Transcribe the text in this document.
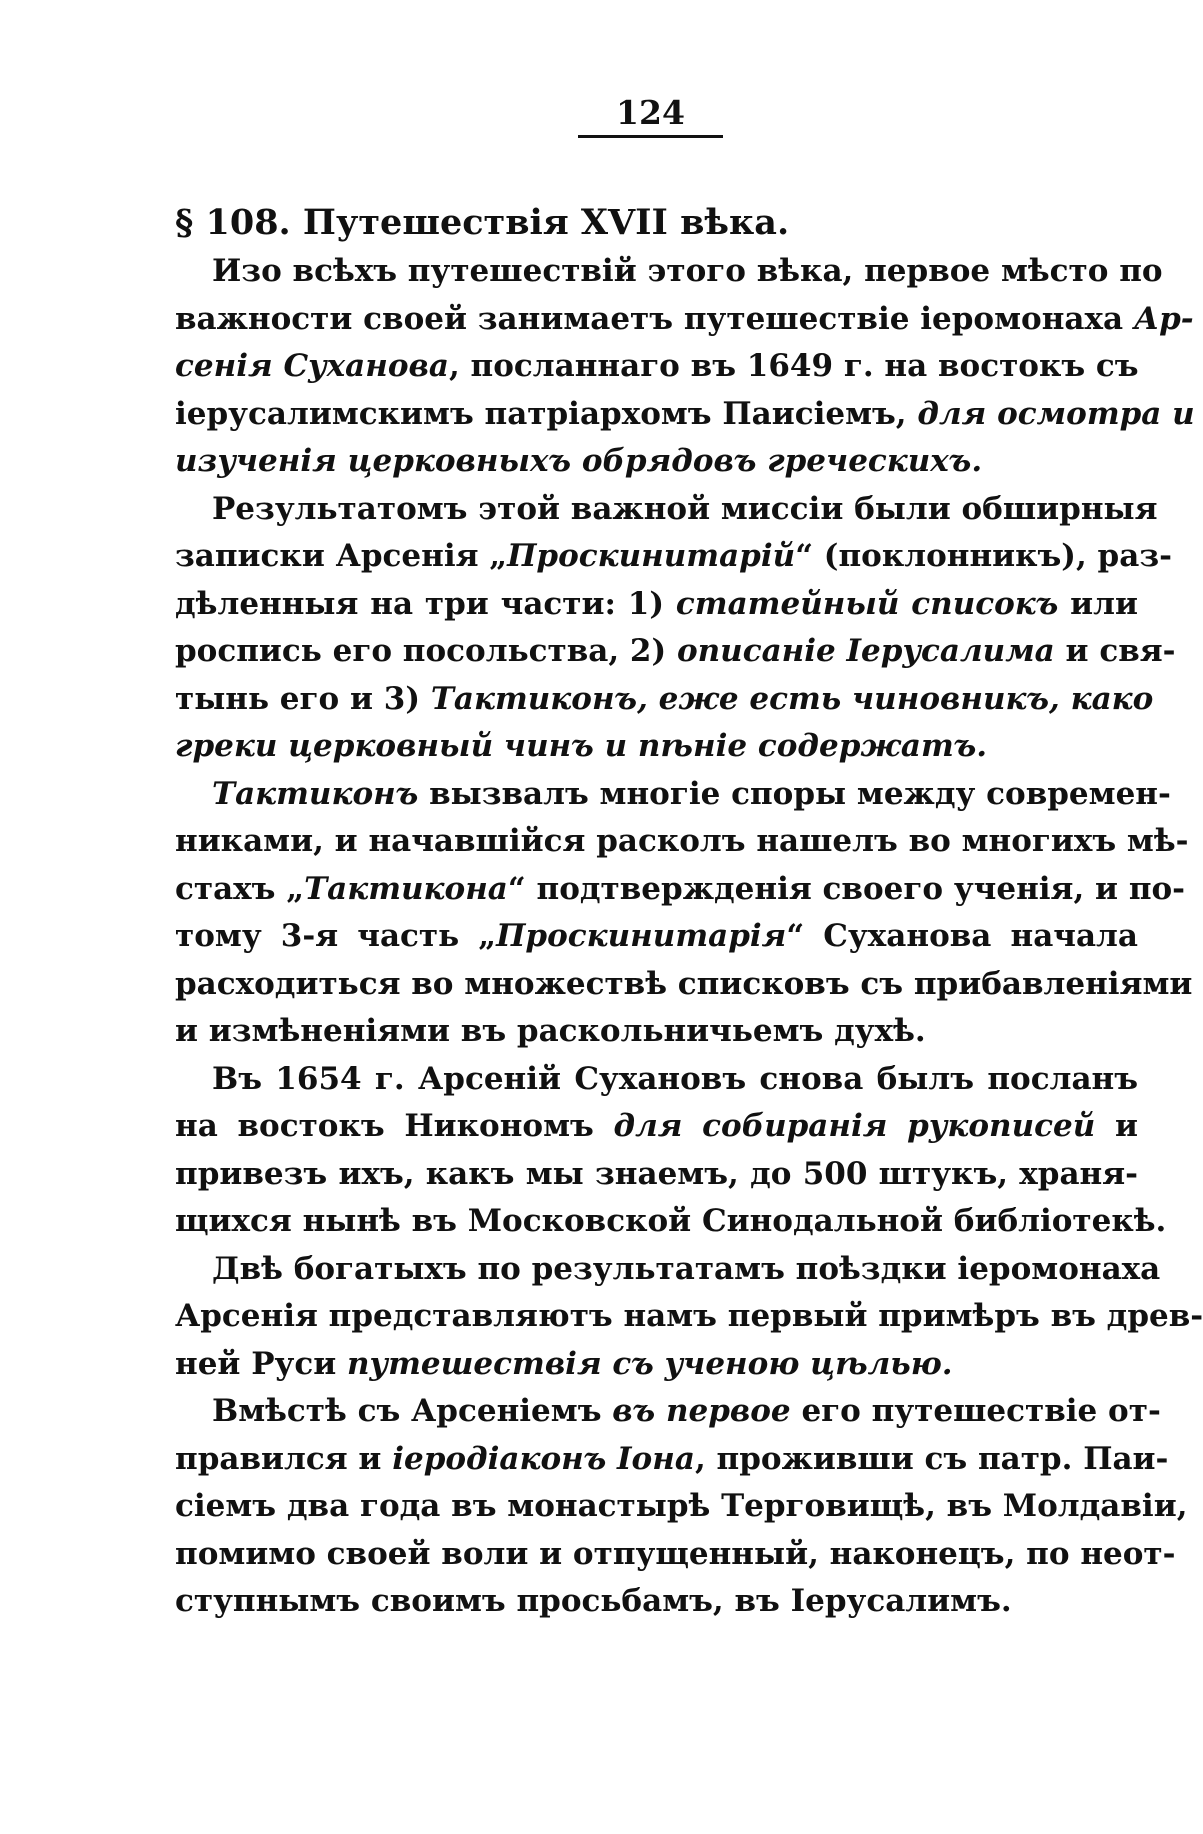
124
§ 108. Путешествія XVII вѣка.
Изо всѣхъ путешествій этого вѣка, первое мѣсто по
важности своей занимаетъ путешествіе іеромонаха Ар-
сенія Суханова, посланнаго въ 1649 г. на востокъ съ
іерусалимскимъ патріархомъ Паисіемъ, для осмотра и
изученія церковныхъ обрядовъ греческихъ.
Результатомъ этой важной миссіи были обширныя
записки Арсенія „Проскинитарій“ (поклонникъ), раз-
дѣленныя на три части: 1) статейный списокъ или
роспись его посольства, 2) описаніе Іерусалима и свя-
тынь его и 3) Тактиконъ, еже есть чиновникъ, како
греки церковный чинъ и пѣніе содержатъ.
Тактиконъ вызвалъ многіе споры между современ-
никами, и начавшійся расколъ нашелъ во многихъ мѣ-
стахъ „Тактикона“ подтвержденія своего ученія, и по-
тому 3-я часть „Проскинитарія“ Суханова начала
расходиться во множествѣ списковъ съ прибавленіями
и измѣненіями въ раскольничьемъ духѣ.
Въ 1654 г. Арсеній Сухановъ снова былъ посланъ
на востокъ Никономъ для собиранія рукописей и
привезъ ихъ, какъ мы знаемъ, до 500 штукъ, храня-
щихся нынѣ въ Московской Синодальной библіотекѣ.
Двѣ богатыхъ по результатамъ поѣздки іеромонаха
Арсенія представляютъ намъ первый примѣръ въ древ-
ней Руси путешествія съ ученою цѣлью.
Вмѣстѣ съ Арсеніемъ въ первое его путешествіе от-
правился и іеродіаконъ Іона, проживши съ патр. Паи-
сіемъ два года въ монастырѣ Терговищѣ, въ Молдавіи,
помимо своей воли и отпущенный, наконецъ, по неот-
ступнымъ своимъ просьбамъ, въ Іерусалимъ.
